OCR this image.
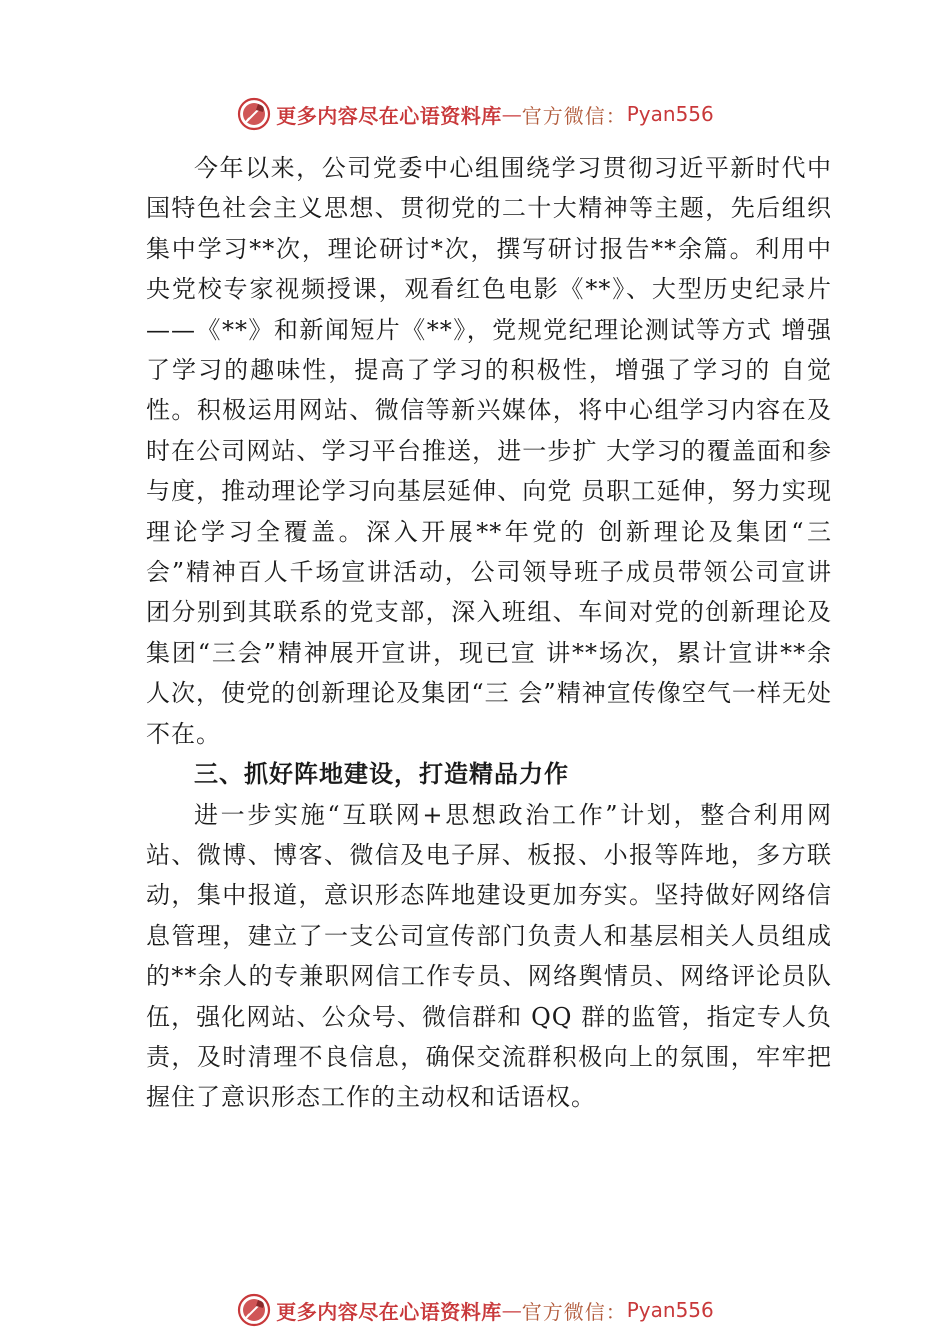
更多内容尽在心语资料库 — 官方微信： Pyan556

今年以来，公司党委中心组围绕学习贯彻习近平新时代中国特色社会主义思想、贯彻党的二十大精神等主题，先后组织集中学习**次，理论研讨*次，撰写研讨报告**余篇。利用中央党校专家视频授课，观看红色电影《**》、大型历史纪录片——《**》和新闻短片《**》，党规党纪理论测试等方式 增强了学习的趣味性，提高了学习的积极性，增强了学习的 自觉性。积极运用网站、微信等新兴媒体，将中心组学习内容在及时在公司网站、学习平台推送，进一步扩 大学习的覆盖面和参与度，推动理论学习向基层延伸、向党 员职工延伸，努力实现理论学习全覆盖。深入开展**年党的 创新理论及集团“三会”精神百人千场宣讲活动，公司领导班子成员带领公司宣讲团分别到其联系的党支部，深入班组、车间对党的创新理论及集团“三会”精神展开宣讲，现已宣 讲**场次，累计宣讲**余人次，使党的创新理论及集团“三 会”精神宣传像空气一样无处不在。

三、抓好阵地建设，打造精品力作

进一步实施“互联网+思想政治工作”计划，整合利用网站、微博、博客、微信及电子屏、板报、小报等阵地，多方联动，集中报道，意识形态阵地建设更加夯实。坚持做好网络信息管理，建立了一支公司宣传部门负责人和基层相关人员组成的**余人的专兼职网信工作专员、网络舆情员、网络评论员队伍，强化网站、公众号、微信群和 QQ 群的监管，指定专人负责，及时清理不良信息，确保交流群积极向上的氛围，牢牢把握住了意识形态工作的主动权和话语权。

更多内容尽在心语资料库 — 官方微信： Pyan556
